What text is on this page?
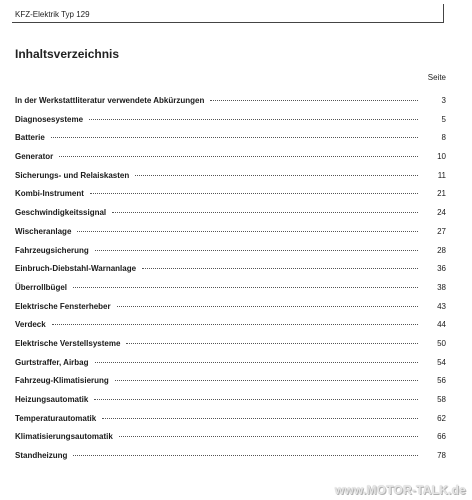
KFZ-Elektrik Typ 129
Inhaltsverzeichnis
Seite
In der Werkstattliteratur verwendete Abkürzungen	3
Diagnosesysteme	5
Batterie	8
Generator	10
Sicherungs- und Relaiskasten	11
Kombi-Instrument	21
Geschwindigkeitssignal	24
Wischeranlage	27
Fahrzeugsicherung	28
Einbruch-Diebstahl-Warnanlage	36
Überrollbügel	38
Elektrische Fensterheber	43
Verdeck	44
Elektrische Verstellsysteme	50
Gurtstraffer, Airbag	54
Fahrzeug-Klimatisierung	56
Heizungsautomatik	58
Temperaturautomatik	62
Klimatisierungsautomatik	66
Standheizung	78
www.MOTOR-TALK.de
